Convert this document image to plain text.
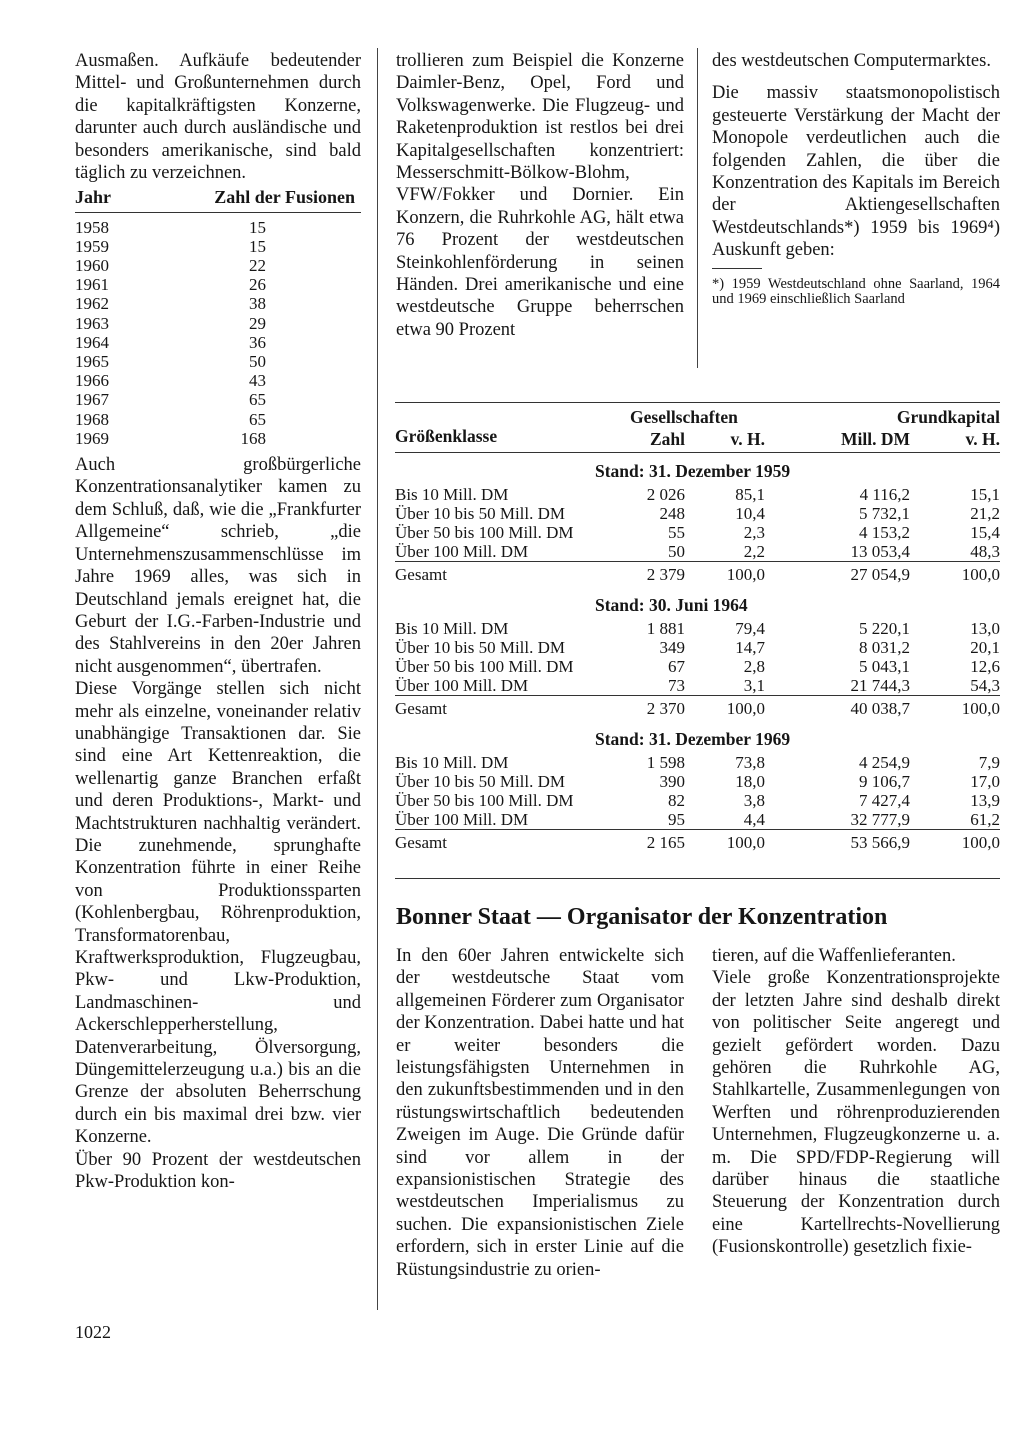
Ausmaßen. Aufkäufe bedeutender Mittel- und Großunternehmen durch die kapitalkräftigsten Konzerne, darunter auch durch ausländische und besonders amerikanische, sind bald täglich zu verzeichnen.

Jahr	Zahl der Fusionen
1958	15
1959	15
1960	22
1961	26
1962	38
1963	29
1964	36
1965	50
1966	43
1967	65
1968	65
1969	168

Auch großbürgerliche Konzentrationsanalytiker kamen zu dem Schluß, daß, wie die „Frankfurter Allgemeine“ schrieb, „die Unternehmenszusammenschlüsse im Jahre 1969 alles, was sich in Deutschland jemals ereignet hat, die Geburt der I.G.-Farben-Industrie und des Stahlvereins in den 20er Jahren nicht ausgenommen“, übertrafen.

Diese Vorgänge stellen sich nicht mehr als einzelne, voneinander relativ unabhängige Transaktionen dar. Sie sind eine Art Kettenreaktion, die wellenartig ganze Branchen erfaßt und deren Produktions-, Markt- und Machtstrukturen nachhaltig verändert. Die zunehmende, sprunghafte Konzentration führte in einer Reihe von Produktionssparten (Kohlenbergbau, Röhrenproduktion, Transformatorenbau, Kraftwerksproduktion, Flugzeugbau, Pkw- und Lkw-Produktion, Landmaschinen- und Ackerschlepperherstellung, Datenverarbeitung, Ölversorgung, Düngemittelerzeugung u.a.) bis an die Grenze der absoluten Beherrschung durch ein bis maximal drei bzw. vier Konzerne.

Über 90 Prozent der westdeutschen Pkw-Produktion kon-

trollieren zum Beispiel die Konzerne Daimler-Benz, Opel, Ford und Volkswagenwerke. Die Flugzeug- und Raketenproduktion ist restlos bei drei Kapitalgesellschaften konzentriert: Messerschmitt-Bölkow-Blohm, VFW/Fokker und Dornier. Ein Konzern, die Ruhrkohle AG, hält etwa 76 Prozent der westdeutschen Steinkohlenförderung in seinen Händen. Drei amerikanische und eine westdeutsche Gruppe beherrschen etwa 90 Prozent

des westdeutschen Computermarktes.

Die massiv staatsmonopolistisch gesteuerte Verstärkung der Macht der Monopole verdeutlichen auch die folgenden Zahlen, die über die Konzentration des Kapitals im Bereich der Aktiengesellschaften Westdeutschlands*) 1959 bis 1969⁴) Auskunft geben:

*) 1959 Westdeutschland ohne Saarland, 1964 und 1969 einschließlich Saarland

	Gesellschaften		Grundkapital	
Größenklasse	Zahl	v. H.	Mill. DM	v. H.

Stand: 31. Dezember 1959				
Bis 10 Mill. DM	2 026	85,1	4 116,2	15,1
Über 10 bis 50 Mill. DM	248	10,4	5 732,1	21,2
Über 50 bis 100 Mill. DM	55	2,3	4 153,2	15,4
Über 100 Mill. DM	50	2,2	13 053,4	48,3
Gesamt	2 379	100,0	27 054,9	100,0
Stand: 30. Juni 1964				
Bis 10 Mill. DM	1 881	79,4	5 220,1	13,0
Über 10 bis 50 Mill. DM	349	14,7	8 031,2	20,1
Über 50 bis 100 Mill. DM	67	2,8	5 043,1	12,6
Über 100 Mill. DM	73	3,1	21 744,3	54,3
Gesamt	2 370	100,0	40 038,7	100,0
Stand: 31. Dezember 1969				
Bis 10 Mill. DM	1 598	73,8	4 254,9	7,9
Über 10 bis 50 Mill. DM	390	18,0	9 106,7	17,0
Über 50 bis 100 Mill. DM	82	3,8	7 427,4	13,9
Über 100 Mill. DM	95	4,4	32 777,9	61,2
Gesamt	2 165	100,0	53 566,9	100,0
Bonner Staat — Organisator der Konzentration

In den 60er Jahren entwickelte sich der westdeutsche Staat vom allgemeinen Förderer zum Organisator der Konzentration. Dabei hatte und hat er weiter besonders die leistungsfähigsten Unternehmen in den zukunftsbestimmenden und in den rüstungswirtschaftlich bedeutenden Zweigen im Auge. Die Gründe dafür sind vor allem in der expansionistischen Strategie des westdeutschen Imperialismus zu suchen. Die expansionistischen Ziele erfordern, sich in erster Linie auf die Rüstungsindustrie zu orien-

tieren, auf die Waffenlieferanten.

Viele große Konzentrationsprojekte der letzten Jahre sind deshalb direkt von politischer Seite angeregt und gezielt gefördert worden. Dazu gehören die Ruhrkohle AG, Stahlkartelle, Zusammenlegungen von Werften und röhrenproduzierenden Unternehmen, Flugzeugkonzerne u. a. m. Die SPD/FDP-Regierung will darüber hinaus die staatliche Steuerung der Konzentration durch eine Kartellrechts-Novellierung (Fusionskontrolle) gesetzlich fixie-

1022
